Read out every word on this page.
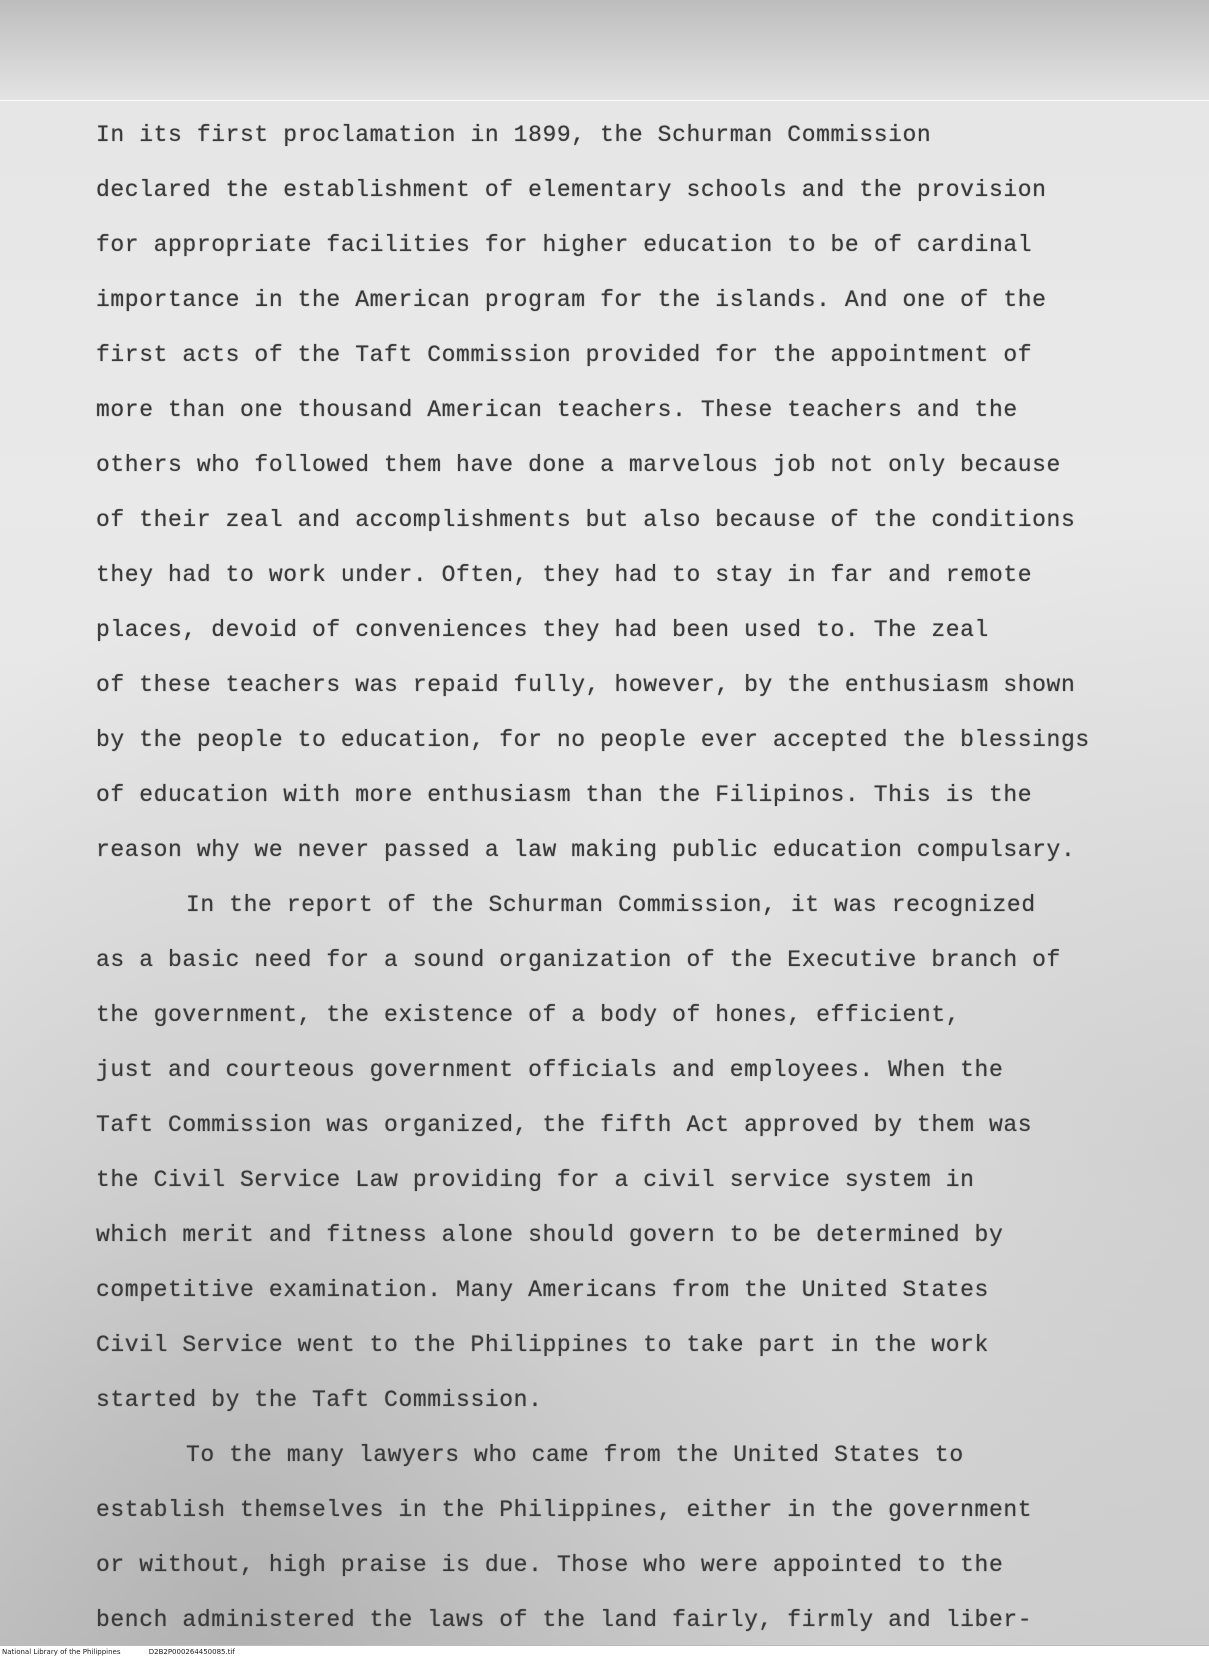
In its first proclamation in 1899, the Schurman Commission
declared the establishment of elementary schools and the provision
for appropriate facilities for higher education to be of cardinal
importance in the American program for the islands. And one of the
first acts of the Taft Commission provided for the appointment of
more than one thousand American teachers. These teachers and the
others who followed them have done a marvelous job not only because
of their zeal and accomplishments but also because of the conditions
they had to work under. Often, they had to stay in far and remote
places, devoid of conveniences they had been used to. The zeal
of these teachers was repaid fully, however, by the enthusiasm shown
by the people to education, for no people ever accepted the blessings
of education with more enthusiasm than the Filipinos. This is the
reason why we never passed a law making public education compulsary.
In the report of the Schurman Commission, it was recognized
as a basic need for a sound organization of the Executive branch of
the government, the existence of a body of hones, efficient,
just and courteous government officials and employees. When the
Taft Commission was organized, the fifth Act approved by them was
the Civil Service Law providing for a civil service system in
which merit and fitness alone should govern to be determined by
competitive examination. Many Americans from the United States
Civil Service went to the Philippines to take part in the work
started by the Taft Commission.
To the many lawyers who came from the United States to
establish themselves in the Philippines, either in the government
or without, high praise is due. Those who were appointed to the
bench administered the laws of the land fairly, firmly and liber-
National Library of the Philippines	D2B2P000264450085.tif
